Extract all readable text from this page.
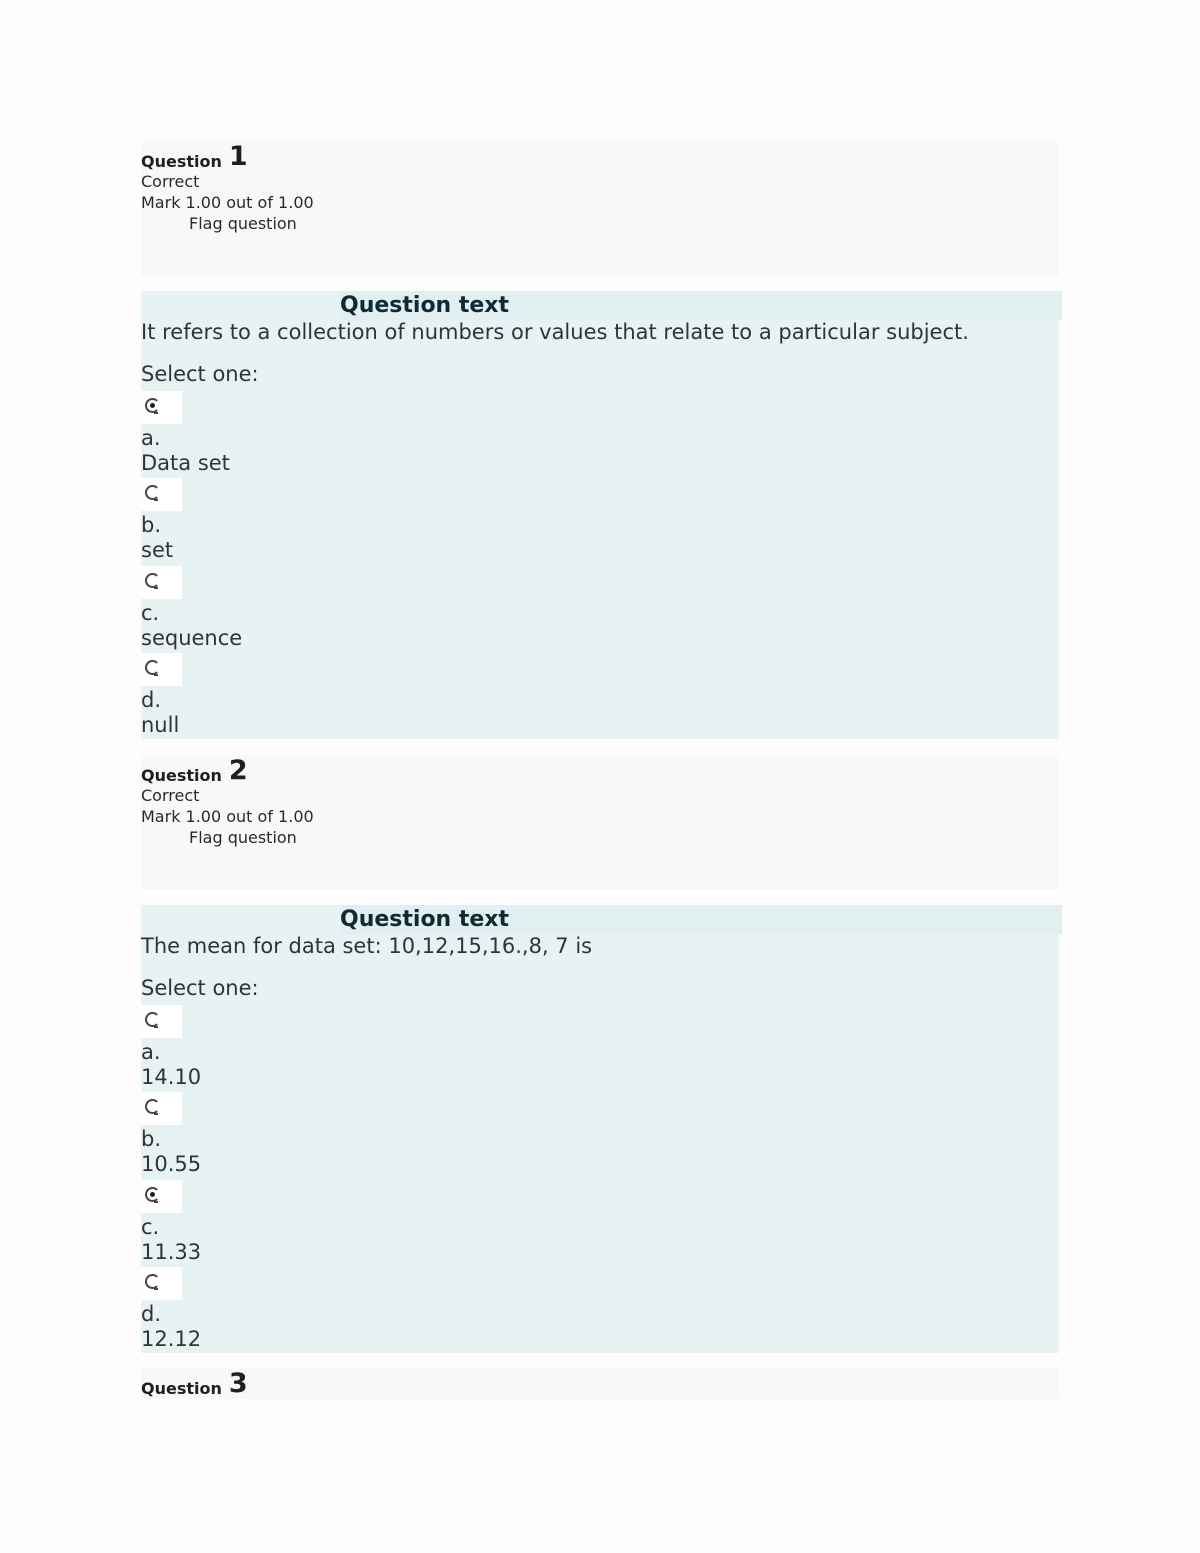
Question 1
Correct
Mark 1.00 out of 1.00
Flag question
Question text
It refers to a collection of numbers or values that relate to a particular subject.
Select one:
a.
Data set
b.
set
c.
sequence
d.
null
Question 2
Correct
Mark 1.00 out of 1.00
Flag question
Question text
The mean for data set: 10,12,15,16.,8, 7 is
Select one:
a.
14.10
b.
10.55
c.
11.33
d.
12.12
Question 3
